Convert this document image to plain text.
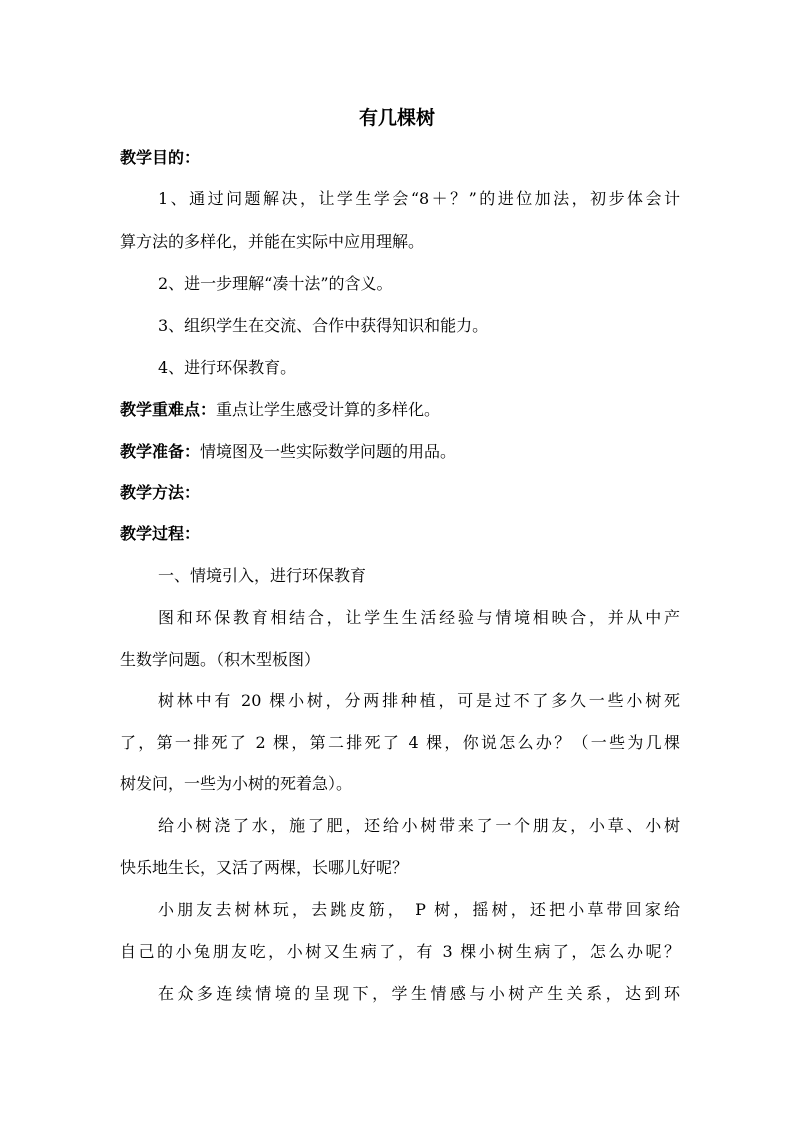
有几棵树
教学目的：
1、通过问题解决，让学生学会“8＋？”的进位加法，初步体会计
算方法的多样化，并能在实际中应用理解。
2、进一步理解“凑十法”的含义。
3、组织学生在交流、合作中获得知识和能力。
4、进行环保教育。
教学重难点：重点让学生感受计算的多样化。
教学准备：情境图及一些实际数学问题的用品。
教学方法：
教学过程：
一、情境引入，进行环保教育
图和环保教育相结合，让学生生活经验与情境相映合，并从中产
生数学问题。（积木型板图）
树林中有 20 棵小树，分两排种植，可是过不了多久一些小树死
了，第一排死了 2 棵，第二排死了 4 棵，你说怎么办？（一些为几棵
树发问，一些为小树的死着急）。
给小树浇了水，施了肥，还给小树带来了一个朋友，小草、小树
快乐地生长，又活了两棵，长哪儿好呢？
小朋友去树林玩，去跳皮筋， P 树，摇树，还把小草带回家给
自己的小兔朋友吃，小树又生病了，有 3 棵小树生病了，怎么办呢？
在众多连续情境的呈现下，学生情感与小树产生关系，达到环
